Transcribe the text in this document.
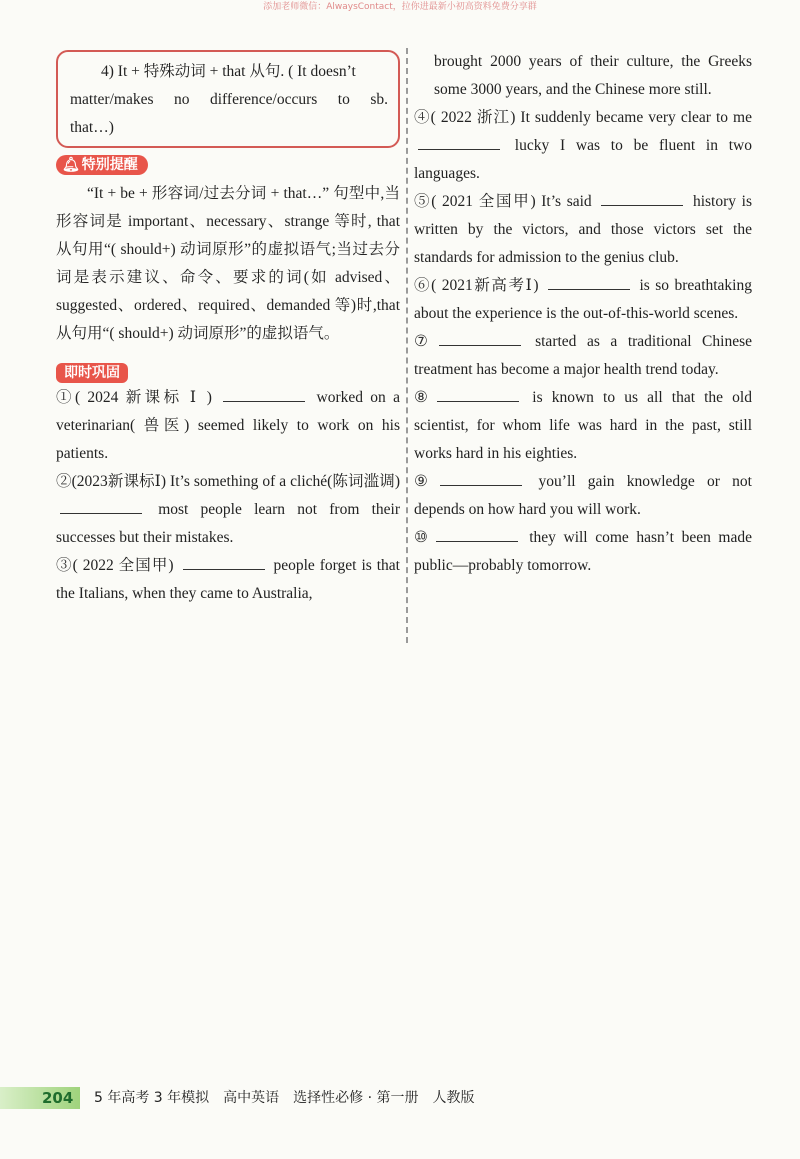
添加老师微信：AlwaysContact，拉你进最新小初高资料免费分享群
4) It + 特殊动词 + that 从句. ( It doesn’t
matter/makes no difference/occurs to sb.
that…)
🔔︎ 特别提醒
“It + be + 形容词/过去分词 + that…” 句型中,当形容词是 important、necessary、strange 等时, that 从句用“( should+) 动词原形”的虚拟语气;当过去分词是表示建议、命令、要求的词(如 advised、suggested、ordered、required、demanded 等)时,that 从句用“( should+) 动词原形”的虚拟语气。
即时巩固
①( 2024 新课标 Ⅰ )	worked on a veterinarian( 兽医) seemed likely to work on his patients.
②(2023新课标Ⅰ) It’s something of a cliché(陈词滥调)  most people learn not from their successes but their mistakes.
③( 2022 全国甲)	people forget is that the Italians, when they came to Australia,
brought 2000 years of their culture, the Greeks some 3000 years, and the Chinese more still.
④( 2022 浙江) It suddenly became very clear to me  lucky I was to be fluent in two languages.
⑤( 2021 全国甲) It’s said	history is written by the victors, and those victors set the standards for admission to the genius club.
⑥( 2021新高考Ⅰ)	is so breathtaking about the experience is the out-of-this-world scenes.
⑦	started as a traditional Chinese treatment has become a major health trend today.
⑧	is known to us all that the old scientist, for whom life was hard in the past, still works hard in his eighties.
⑨	you’ll gain knowledge or not depends on how hard you will work.
⑩	they will come hasn’t been made public—probably tomorrow.
204 5 年高考 3 年模拟　高中英语　选择性必修 · 第一册　人教版
